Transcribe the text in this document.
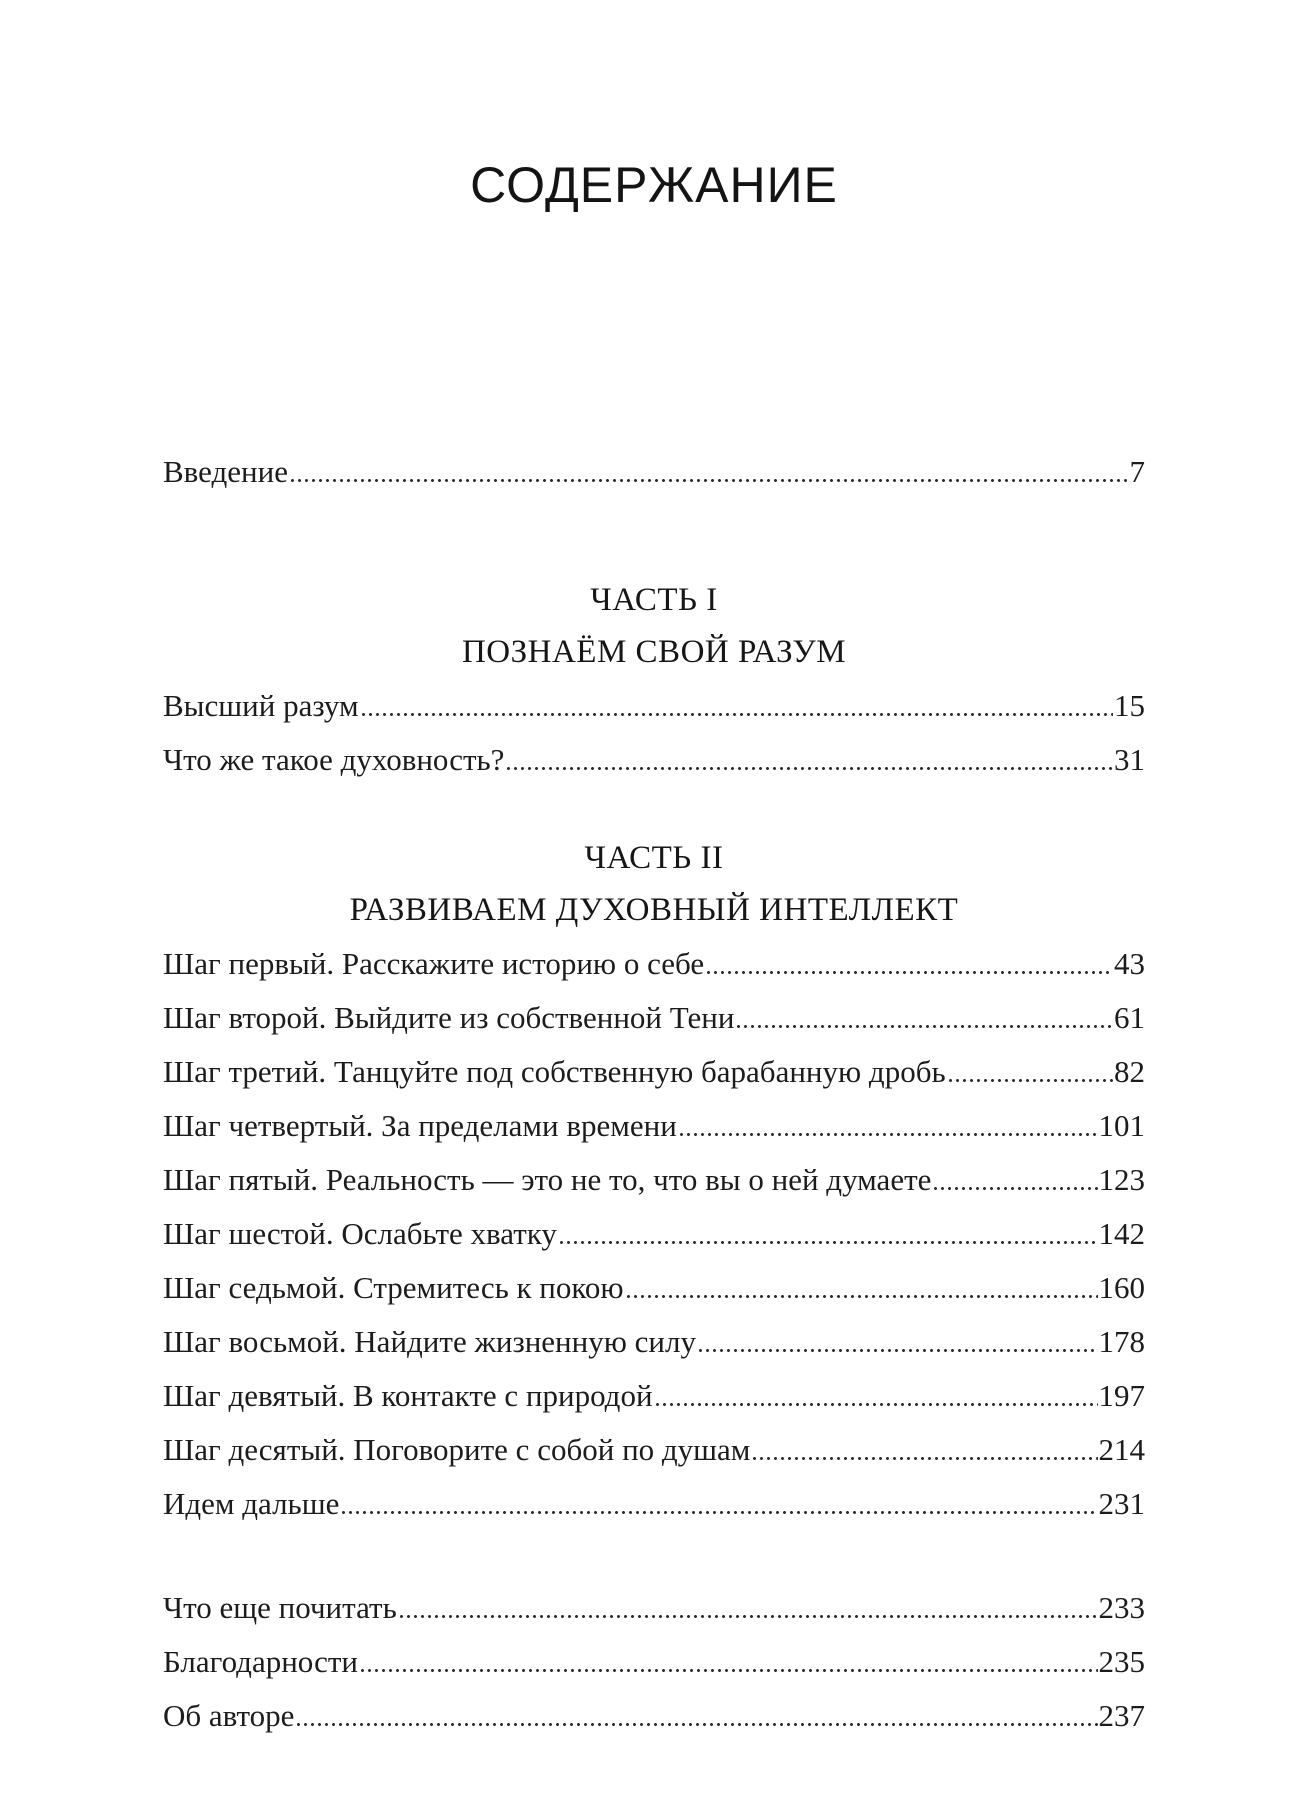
СОДЕРЖАНИЕ
Введение	7
ЧАСТЬ I
ПОЗНАЁМ СВОЙ РАЗУМ
Высший разум	15
Что же такое духовность?	31
ЧАСТЬ II
РАЗВИВАЕМ ДУХОВНЫЙ ИНТЕЛЛЕКТ
Шаг первый. Расскажите историю о себе	43
Шаг второй. Выйдите из собственной Тени	61
Шаг третий. Танцуйте под собственную барабанную дробь	82
Шаг четвертый. За пределами времени	101
Шаг пятый. Реальность — это не то, что вы о ней думаете	123
Шаг шестой. Ослабьте хватку	142
Шаг седьмой. Стремитесь к покою	160
Шаг восьмой. Найдите жизненную силу	178
Шаг девятый. В контакте с природой	197
Шаг десятый. Поговорите с собой по душам	214
Идем дальше	231
Что еще почитать	233
Благодарности	235
Об авторе	237
